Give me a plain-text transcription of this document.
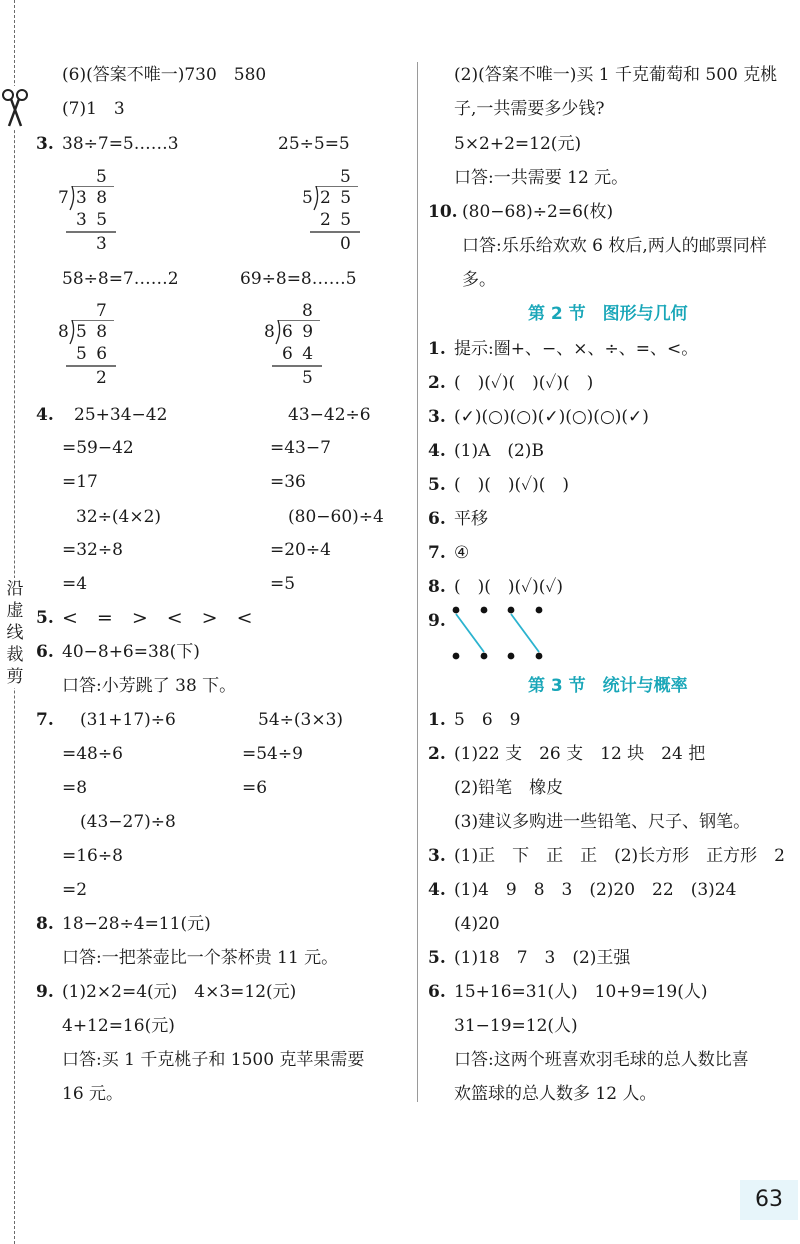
沿虚线裁剪
(6)(答案不唯一)730　580
(7)1　3
3. 38÷7=5……3	25÷5=5
5
7 3 8
3 5
3
5
5 2 5
2 5
0
58÷8=7……2	69÷8=8……5
7
8 5 8
5 6
2
8
8 6 9
6 4
5
4. 25+34−42
=59−42
=17
43−42÷6
=43−7
=36
32÷(4×2)
=32÷8
=4
(80−60)÷4
=20÷4
=5
5. <　=　>　<　>　<
6. 40−8+6=38(下)
口答:小芳跳了 38 下。
7. (31+17)÷6
=48÷6
=8
54÷(3×3)
=54÷9
=6
(43−27)÷8
=16÷8
=2
8. 18−28÷4=11(元)
口答:一把茶壶比一个茶杯贵 11 元。
9. (1)2×2=4(元)　4×3=12(元)
4+12=16(元)
口答:买 1 千克桃子和 1500 克苹果需要
16 元。
(2)(答案不唯一)买 1 千克葡萄和 500 克桃
子,一共需要多少钱?
5×2+2=12(元)
口答:一共需要 12 元。
10. (80−68)÷2=6(枚)
口答:乐乐给欢欢 6 枚后,两人的邮票同样
多。
第 2 节　图形与几何
1. 提示:圈+、−、×、÷、=、<。
2. (　)(✓)(　)(✓)(　)
3. (✓)(○)(○)(✓)(○)(○)(✓)
4. (1)A　(2)B
5. (　)(　)(✓)(　)
6. 平移
7. ④
8. (　)(　)(✓)(✓)
9.
第 3 节　统计与概率
1. 5　6　9
2. (1)22 支　26 支　12 块　24 把
(2)铅笔　橡皮
(3)建议多购进一些铅笔、尺子、钢笔。
3. (1)正　下　正　正　(2)长方形　正方形　2
4. (1)4　9　8　3　(2)20　22　(3)24
(4)20
5. (1)18　7　3　(2)王强
6. 15+16=31(人)　10+9=19(人)
31−19=12(人)
口答:这两个班喜欢羽毛球的总人数比喜
欢篮球的总人数多 12 人。
63
